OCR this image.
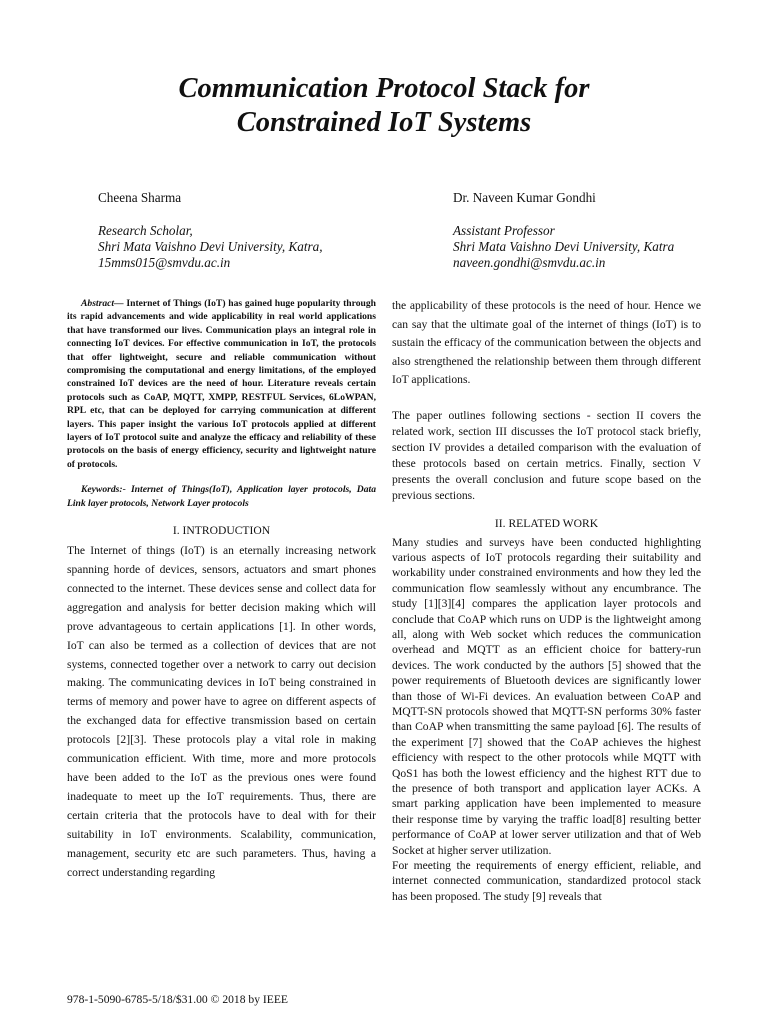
Communication Protocol Stack for
Constrained IoT Systems

Cheena Sharma

Research Scholar,

Shri Mata Vaishno Devi University, Katra,

15mms015@smvdu.ac.in

Dr. Naveen Kumar Gondhi

Assistant Professor

Shri Mata Vaishno Devi University, Katra

naveen.gondhi@smvdu.ac.in

Abstract— Internet of Things (IoT) has gained huge popularity through its rapid advancements and wide applicability in real world applications that have transformed our lives. Communication plays an integral role in connecting IoT devices. For effective communication in IoT, the protocols that offer lightweight, secure and reliable communication without compromising the computational and energy limitations, of the employed constrained IoT devices are the need of hour. Literature reveals certain protocols such as CoAP, MQTT, XMPP, RESTFUL Services, 6LoWPAN, RPL etc, that can be deployed for carrying communication at different layers. This paper insight the various IoT protocols applied at different layers of IoT protocol suite and analyze the efficacy and reliability of these protocols on the basis of energy efficiency, security and lightweight nature of protocols.

Keywords:- Internet of Things(IoT), Application layer protocols, Data Link layer protocols, Network Layer protocols

I. INTRODUCTION

The Internet of things (IoT) is an eternally increasing network spanning horde of devices, sensors, actuators and smart phones connected to the internet. These devices sense and collect data for aggregation and analysis for better decision making which will prove advantageous to certain applications [1]. In other words, IoT can also be termed as a collection of devices that are not systems, connected together over a network to carry out decision making. The communicating devices in IoT being constrained in terms of memory and power have to agree on different aspects of the exchanged data for effective transmission based on certain protocols [2][3]. These protocols play a vital role in making communication efficient. With time, more and more protocols have been added to the IoT as the previous ones were found inadequate to meet up the IoT requirements. Thus, there are certain criteria that the protocols have to deal with for their suitability in IoT environments. Scalability, communication, management, security etc are such parameters. Thus, having a correct understanding regarding

the applicability of these protocols is the need of hour. Hence we can say that the ultimate goal of the internet of things (IoT) is to sustain the efficacy of the communication between the objects and also strengthened the relationship between them through different IoT applications.

The paper outlines following sections - section II covers the related work, section III discusses the IoT protocol stack briefly, section IV provides a detailed comparison with the evaluation of these protocols based on certain metrics. Finally, section V presents the overall conclusion and future scope based on the previous sections.

II. RELATED WORK

Many studies and surveys have been conducted highlighting various aspects of IoT protocols regarding their suitability and workability under constrained environments and how they led the communication flow seamlessly without any encumbrance. The study [1][3][4] compares the application layer protocols and conclude that CoAP which runs on UDP is the lightweight among all, along with Web socket which reduces the communication overhead and MQTT as an efficient choice for battery-run devices. The work conducted by the authors [5] showed that the power requirements of Bluetooth devices are significantly lower than those of Wi-Fi devices. An evaluation between CoAP and MQTT-SN protocols showed that MQTT-SN performs 30% faster than CoAP when transmitting the same payload [6]. The results of the experiment [7] showed that the CoAP achieves the highest efficiency with respect to the other protocols while MQTT with QoS1 has both the lowest efficiency and the highest RTT due to the presence of both transport and application layer ACKs. A smart parking application have been implemented to measure their response time by varying the traffic load[8] resulting better performance of CoAP at lower server utilization and that of Web Socket at higher server utilization.

For meeting the requirements of energy efficient, reliable, and internet connected communication, standardized protocol stack has been proposed. The study [9] reveals that

978-1-5090-6785-5/18/$31.00 © 2018 by IEEE
